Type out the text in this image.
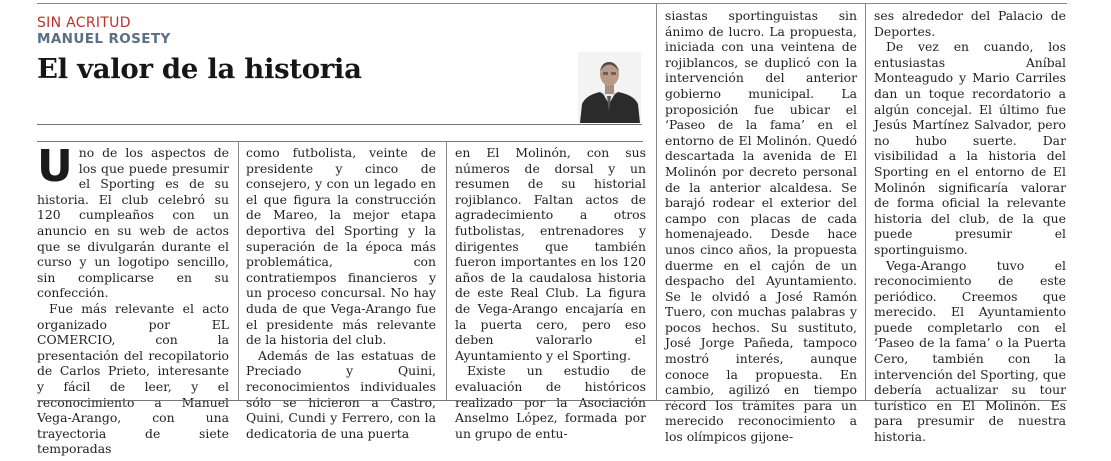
SIN ACRITUD
MANUEL ROSETY
El valor de la historia

Uno de los aspectos de los que puede presumir el Sporting es de su historia. El club celebró su 120 cumpleaños con un anuncio en su web de actos que se divulgarán durante el curso y un logotipo sencillo, sin complicarse en su confección.

Fue más relevante el acto organizado por EL COMERCIO, con la presentación del recopilatorio de Carlos Prieto, interesante y fácil de leer, y el reconocimiento a Manuel Vega-Arango, con una trayectoria de siete temporadas

como futbolista, veinte de presidente y cinco de consejero, y con un legado en el que figura la construcción de Mareo, la mejor etapa deportiva del Sporting y la superación de la época más problemática, con contratiempos financieros y un proceso concursal. No hay duda de que Vega-Arango fue el presidente más relevante de la historia del club.

Además de las estatuas de Preciado y Quini, reconocimientos individuales sólo se hicieron a Castro, Quini, Cundi y Ferrero, con la dedicatoria de una puerta

en El Molinón, con sus números de dorsal y un resumen de su historial rojiblanco. Faltan actos de agradecimiento a otros futbolistas, entrenadores y dirigentes que también fueron importantes en los 120 años de la caudalosa historia de este Real Club. La figura de Vega-Arango encajaría en la puerta cero, pero eso deben valorarlo el Ayuntamiento y el Sporting.

Existe un estudio de evaluación de históricos realizado por la Asociación Anselmo López, formada por un grupo de entu-

siastas sportinguistas sin ánimo de lucro. La propuesta, iniciada con una veintena de rojiblancos, se duplicó con la intervención del anterior gobierno municipal. La proposición fue ubicar el ‘Paseo de la fama’ en el entorno de El Molinón. Quedó descartada la avenida de El Molinón por decreto personal de la anterior alcaldesa. Se barajó rodear el exterior del campo con placas de cada homenajeado. Desde hace unos cinco años, la propuesta duerme en el cajón de un despacho del Ayuntamiento. Se le olvidó a José Ramón Tuero, con muchas palabras y pocos hechos. Su sustituto, José Jorge Pañeda, tampoco mostró interés, aunque conoce la propuesta. En cambio, agilizó en tiempo récord los trámites para un merecido reconocimiento a los olímpicos gijone-

ses alrededor del Palacio de Deportes.

De vez en cuando, los entusiastas Aníbal Monteagudo y Mario Carriles dan un toque recordatorio a algún concejal. El último fue Jesús Martínez Salvador, pero no hubo suerte. Dar visibilidad a la historia del Sporting en el entorno de El Molinón significaría valorar de forma oficial la relevante historia del club, de la que puede presumir el sportinguismo.

Vega-Arango tuvo el reconocimiento de este periódico. Creemos que merecido. El Ayuntamiento puede completarlo con el ‘Paseo de la fama’ o la Puerta Cero, también con la intervención del Sporting, que debería actualizar su tour turístico en El Molinón. Es para presumir de nuestra historia.
